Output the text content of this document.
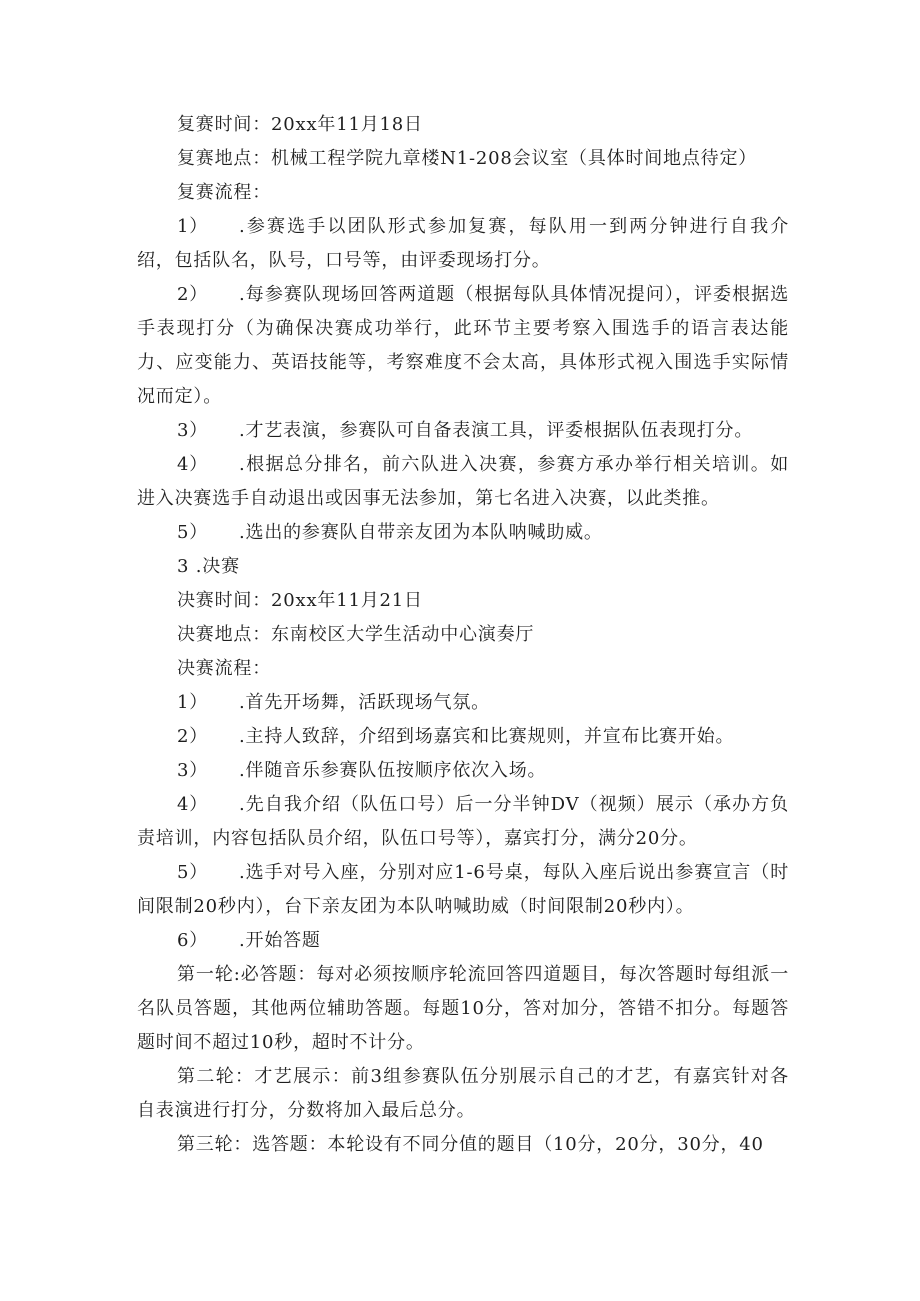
复赛时间：20xx年11月18日

复赛地点：机械工程学院九章楼N1-208会议室（具体时间地点待定）

复赛流程：

1） .参赛选手以团队形式参加复赛，每队用一到两分钟进行自我介绍，包括队名，队号，口号等，由评委现场打分。

2） .每参赛队现场回答两道题（根据每队具体情况提问），评委根据选手表现打分（为确保决赛成功举行，此环节主要考察入围选手的语言表达能力、应变能力、英语技能等，考察难度不会太高，具体形式视入围选手实际情况而定）。

3） .才艺表演，参赛队可自备表演工具，评委根据队伍表现打分。

4） .根据总分排名，前六队进入决赛，参赛方承办举行相关培训。如进入决赛选手自动退出或因事无法参加，第七名进入决赛，以此类推。

5） .选出的参赛队自带亲友团为本队呐喊助威。

3 .决赛

决赛时间：20xx年11月21日

决赛地点：东南校区大学生活动中心演奏厅

决赛流程：

1） .首先开场舞，活跃现场气氛。

2） .主持人致辞，介绍到场嘉宾和比赛规则，并宣布比赛开始。

3） .伴随音乐参赛队伍按顺序依次入场。

4） .先自我介绍（队伍口号）后一分半钟DV（视频）展示（承办方负责培训，内容包括队员介绍，队伍口号等），嘉宾打分，满分20分。

5） .选手对号入座，分别对应1-6号桌，每队入座后说出参赛宣言（时间限制20秒内），台下亲友团为本队呐喊助威（时间限制20秒内）。

6） .开始答题

第一轮:必答题：每对必须按顺序轮流回答四道题目，每次答题时每组派一名队员答题，其他两位辅助答题。每题10分，答对加分，答错不扣分。每题答题时间不超过10秒，超时不计分。

第二轮：才艺展示：前3组参赛队伍分别展示自己的才艺，有嘉宾针对各自表演进行打分，分数将加入最后总分。

第三轮：选答题：本轮设有不同分值的题目（10分，20分，30分，40
